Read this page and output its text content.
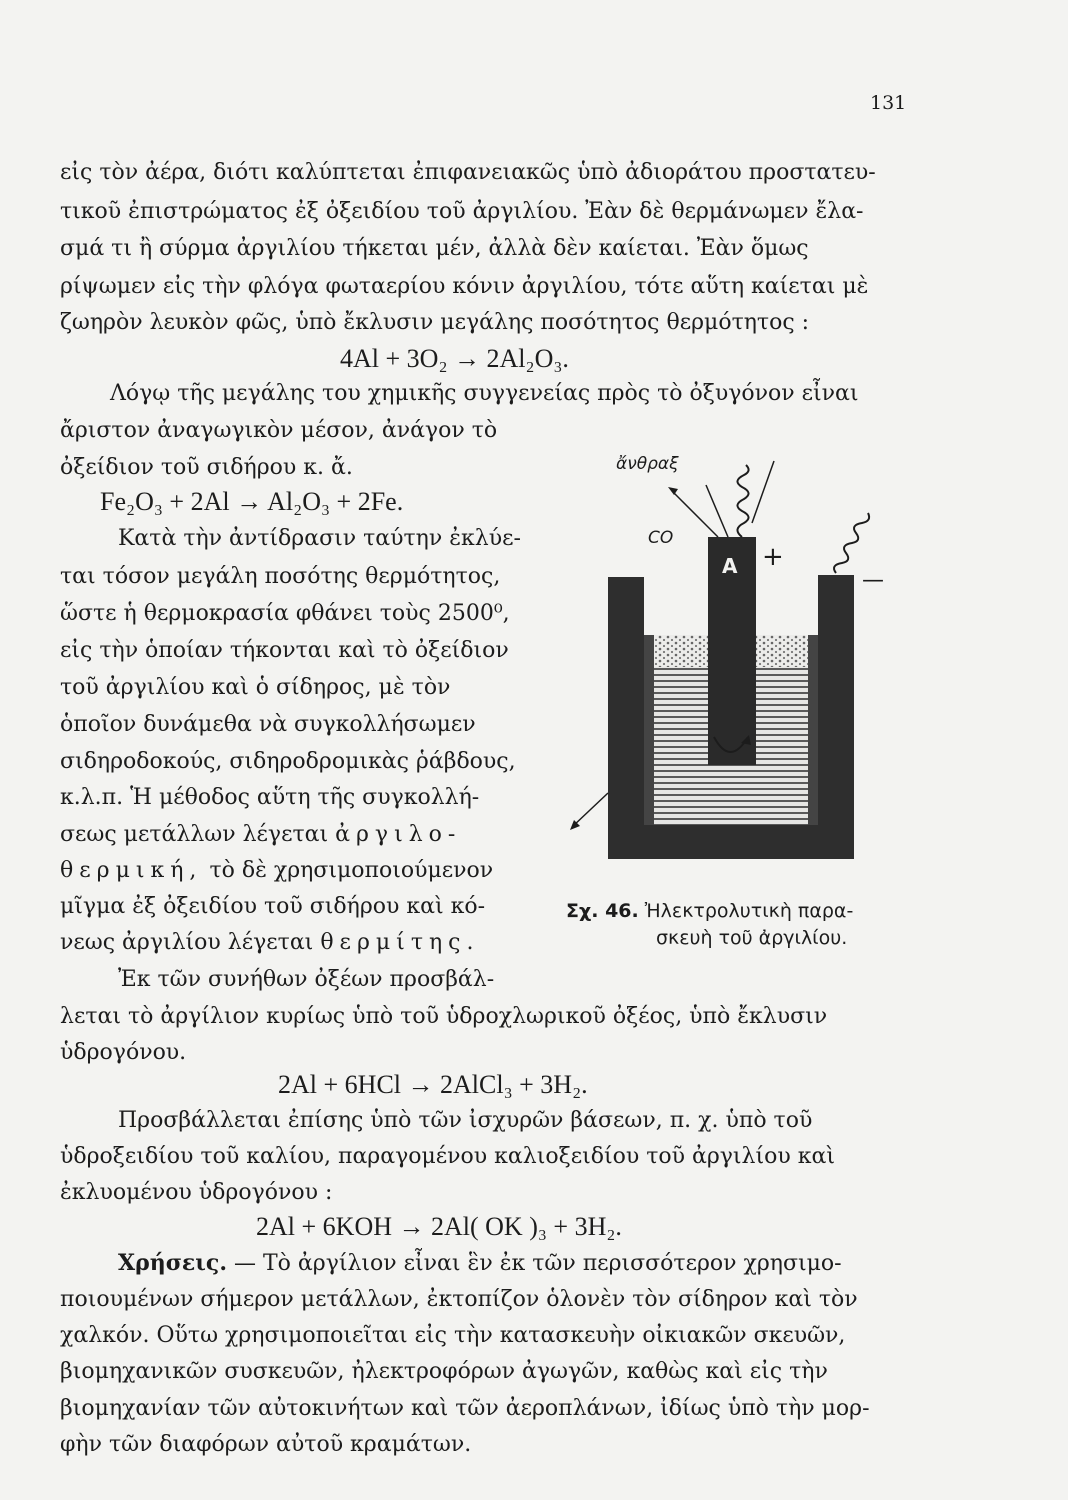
131
εἰς τὸν ἀέρα, διότι καλύπτεται ἐπιφανειακῶς ὑπὸ ἀδιοράτου προστατευ-
τικοῦ ἐπιστρώματος ἐξ ὀξειδίου τοῦ ἀργιλίου. Ἐὰν δὲ θερμάνωμεν ἔλα-
σμά τι ἢ σύρμα ἀργιλίου τήκεται μέν, ἀλλὰ δὲν καίεται. Ἐὰν ὅμως
ρίψωμεν εἰς τὴν φλόγα φωταερίου κόνιν ἀργιλίου, τότε αὕτη καίεται μὲ
ζωηρὸν λευκὸν φῶς, ὑπὸ ἔκλυσιν μεγάλης ποσότητος θερμότητος :
4Al + 3O₂ → 2Al₂O₃.
Λόγῳ τῆς μεγάλης του χημικῆς συγγενείας πρὸς τὸ ὀξυγόνον εἶναι
ἄριστον ἀναγωγικὸν μέσον, ἀνάγον τὸ
ὀξείδιον τοῦ σιδήρου κ. ἄ.
Fe₂O₃ + 2Al → Al₂O₃ + 2Fe.
Κατὰ τὴν ἀντίδρασιν ταύτην ἐκλύε-
ται τόσον μεγάλη ποσότης θερμότητος,
ὥστε ἡ θερμοκρασία φθάνει τοὺς 2500⁰,
εἰς τὴν ὁποίαν τήκονται καὶ τὸ ὀξείδιον
τοῦ ἀργιλίου καὶ ὁ σίδηρος, μὲ τὸν
ὁποῖον δυνάμεθα νὰ συγκολλήσωμεν
σιδηροδοκούς, σιδηροδρομικὰς ῥάβδους,
κ.λ.π. Ἡ μέθοδος αὕτη τῆς συγκολλή-
σεως μετάλλων λέγεται ἀργιλο-
θερμική, τὸ δὲ χρησιμοποιούμενον
μῖγμα ἐξ ὀξειδίου τοῦ σιδήρου καὶ κό-
νεως ἀργιλίου λέγεται θερμίτης.
A +
—
ἄνθραξ
CO
Σχ. 46. Ἠλεκτρολυτικὴ παρα-
σκευὴ τοῦ ἀργιλίου.
Ἐκ τῶν συνήθων ὀξέων προσβάλ-
λεται τὸ ἀργίλιον κυρίως ὑπὸ τοῦ ὑδροχλωρικοῦ ὀξέος, ὑπὸ ἔκλυσιν
ὑδρογόνου.
2Al + 6HCl → 2AlCl₃ + 3H₂.
Προσβάλλεται ἐπίσης ὑπὸ τῶν ἰσχυρῶν βάσεων, π. χ. ὑπὸ τοῦ
ὑδροξειδίου τοῦ καλίου, παραγομένου καλιοξειδίου τοῦ ἀργιλίου καὶ
ἐκλυομένου ὑδρογόνου :
2Al + 6KOH → 2Al( OK )₃ + 3H₂.
Χρήσεις. — Τὸ ἀργίλιον εἶναι ἓν ἐκ τῶν περισσότερον χρησιμο-
ποιουμένων σήμερον μετάλλων, ἐκτοπίζον ὁλονὲν τὸν σίδηρον καὶ τὸν
χαλκόν. Οὕτω χρησιμοποιεῖται εἰς τὴν κατασκευὴν οἰκιακῶν σκευῶν,
βιομηχανικῶν συσκευῶν, ἠλεκτροφόρων ἀγωγῶν, καθὼς καὶ εἰς τὴν
βιομηχανίαν τῶν αὐτοκινήτων καὶ τῶν ἀεροπλάνων, ἰδίως ὑπὸ τὴν μορ-
φὴν τῶν διαφόρων αὐτοῦ κραμάτων.
